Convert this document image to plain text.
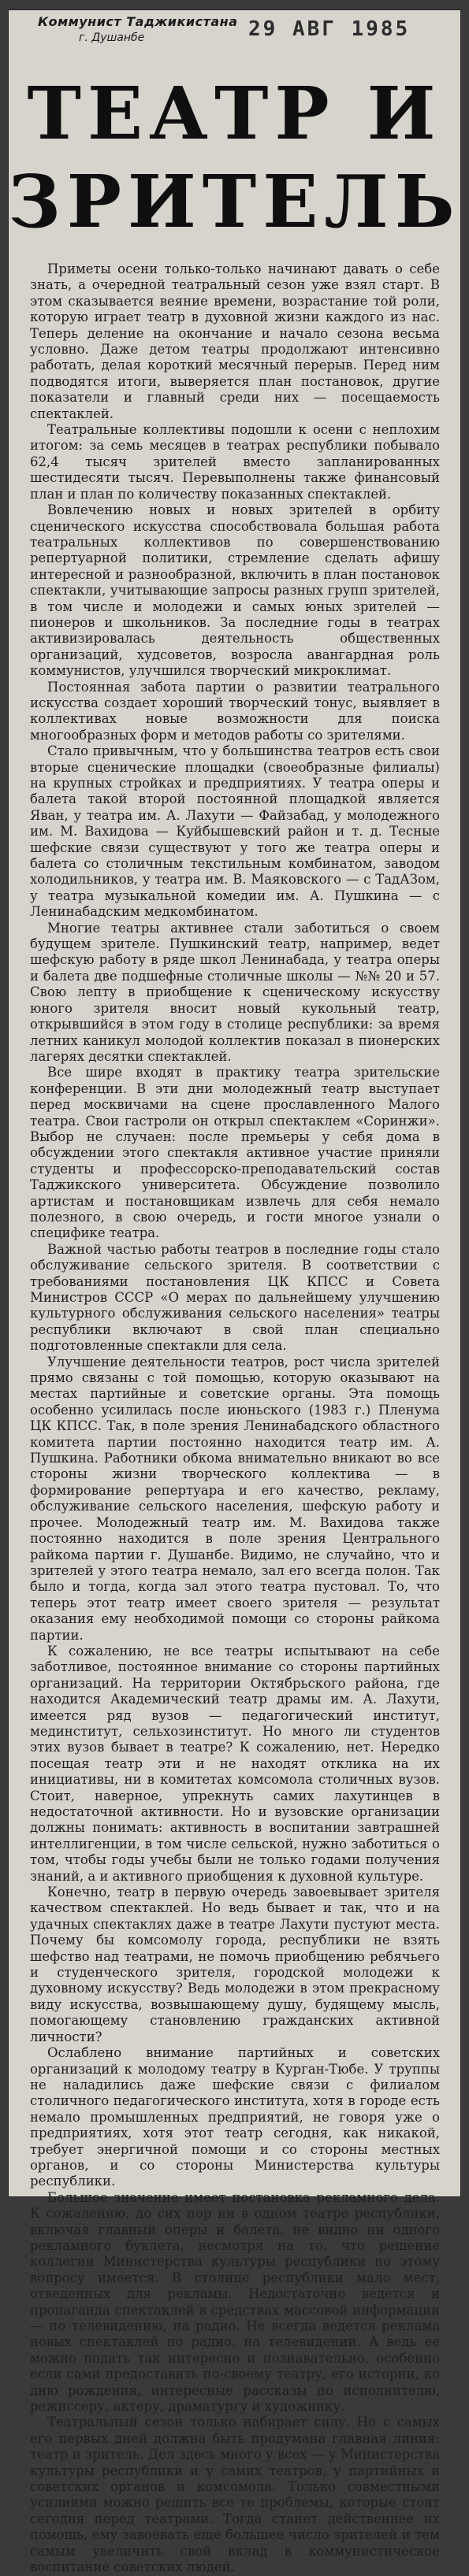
Коммунист Таджикистана
г. Душанбе	29 АВГ 1985
ТЕАТР И
ЗРИТЕЛЬ

Приметы осени только-только начинают давать о себе знать, а очередной театральный сезон уже взял старт. В этом сказывается веяние времени, возрастание той роли, которую играет театр в духовной жизни каждого из нас. Теперь деление на окончание и начало сезона весьма условно. Даже детом театры продолжают интенсивно работать, делая короткий месячный перерыв. Перед ним подводятся итоги, выверяется план постановок, другие показатели и главный среди них — посещаемость спектаклей.

Театральные коллективы подошли к осени с неплохим итогом: за семь месяцев в театрах республики побывало 62,4 тысяч зрителей вместо запланированных шестидесяти тысяч. Перевыполнены также финансовый план и план по количеству показанных спектаклей.

Вовлечению новых и новых зрителей в орбиту сценического искусства способствовала большая работа театральных коллективов по совершенствованию репертуарной политики, стремление сделать афишу интересной и разнообразной, включить в план постановок спектакли, учитывающие запросы разных групп зрителей, в том числе и молодежи и самых юных зрителей — пионеров и школьников. За последние годы в театрах активизировалась деятельность общественных организаций, худсоветов, возросла авангардная роль коммунистов, улучшился творческий микроклимат.

Постоянная забота партии о развитии театрального искусства создает хороший творческий тонус, выявляет в коллективах новые возможности для поиска многообразных форм и методов работы со зрителями.

Стало привычным, что у большинства театров есть свои вторые сценические площадки (своеобразные филиалы) на крупных стройках и предприятиях. У театра оперы и балета такой второй постоянной площадкой является Яван, у театра им. А. Лахути — Файзабад, у молодежного им. М. Вахидова — Куйбышевский район и т. д. Тесные шефские связи существуют у того же театра оперы и балета со столичным текстильным комбинатом, заводом холодильников, у театра им. В. Маяковского — с ТадАЗом, у театра музыкальной комедии им. А. Пушкина — с Ленинабадским медкомбинатом.

Многие театры активнее стали заботиться о своем будущем зрителе. Пушкинский театр, например, ведет шефскую работу в ряде школ Ленинабада, у театра оперы и балета две подшефные столичные школы — №№ 20 и 57. Свою лепту в приобщение к сценическому искусству юного зрителя вносит новый кукольный театр, открывшийся в этом году в столице республики: за время летних каникул молодой коллектив показал в пионерских лагерях десятки спектаклей.

Все шире входят в практику театра зрительские конференции. В эти дни молодежный театр выступает перед москвичами на сцене прославленного Малого театра. Свои гастроли он открыл спектаклем «Соринжи». Выбор не случаен: после премьеры у себя дома в обсуждении этого спектакля активное участие приняли студенты и профессорско-преподавательский состав Таджикского университета. Обсуждение позволило артистам и постановщикам извлечь для себя немало полезного, в свою очередь, и гости многое узнали о специфике театра.

Важной частью работы театров в последние годы стало обслуживание сельского зрителя. В соответствии с требованиями постановления ЦК КПСС и Совета Министров СССР «О мерах по дальнейшему улучшению культурного обслуживания сельского населения» театры республики включают в свой план специально подготовленные спектакли для села.

Улучшение деятельности театров, рост числа зрителей прямо связаны с той помощью, которую оказывают на местах партийные и советские органы. Эта помощь особенно усилилась после июньского (1983 г.) Пленума ЦК КПСС. Так, в поле зрения Ленинабадского областного комитета партии постоянно находится театр им. А. Пушкина. Работники обкома внимательно вникают во все стороны жизни творческого коллектива — в формирование репертуара и его качество, рекламу, обслуживание сельского населения, шефскую работу и прочее. Молодежный театр им. М. Вахидова также постоянно находится в поле зрения Центрального райкома партии г. Душанбе. Видимо, не случайно, что и зрителей у этого театра немало, зал его всегда полон. Так было и тогда, когда зал этого театра пустовал. То, что теперь этот театр имеет своего зрителя — результат оказания ему необходимой помощи со стороны райкома партии.

К сожалению, не все театры испытывают на себе заботливое, постоянное внимание со стороны партийных организаций. На территории Октябрьского района, где находится Академический театр драмы им. А. Лахути, имеется ряд вузов — педагогический институт, мединститут, сельхозинститут. Но много ли студентов этих вузов бывает в театре? К сожалению, нет. Нередко посещая театр эти и не находят отклика на их инициативы, ни в комитетах комсомола столичных вузов. Стоит, наверное, упрекнуть самих лахутинцев в недостаточной активности. Но и вузовские организации должны понимать: активность в воспитании завтрашней интеллигенции, в том числе сельской, нужно заботиться о том, чтобы годы учебы были не только годами получения знаний, а и активного приобщения к духовной культуре.

Конечно, театр в первую очередь завоевывает зрителя качеством спектаклей. Но ведь бывает и так, что и на удачных спектаклях даже в театре Лахути пустуют места. Почему бы комсомолу города, республики не взять шефство над театрами, не помочь приобщению ребячьего и студенческого зрителя, городской молодежи к духовному искусству? Ведь молодежи в этом прекрасному виду искусства, возвышающему душу, будящему мысль, помогающему становлению гражданских активной личности?

Ослаблено внимание партийных и советских организаций к молодому театру в Курган-Тюбе. У труппы не наладились даже шефские связи с филиалом столичного педагогического института, хотя в городе есть немало промышленных предприятий, не говоря уже о предприятиях, хотя этот театр сегодня, как никакой, требует энергичной помощи и со стороны местных органов, и со стороны Министерства культуры республики.

Большое значение имеет постановка рекламного дела. К сожалению, до сих пор ни в одном театре республики, включая главный оперы и балета, не видно ни одного рекламного буклета, несмотря на то, что решение коллегии Министерства культуры республики по этому вопросу имеется. В столице республики мало мест, отведенных для рекламы. Недостаточно ведется и пропаганда спектаклей в средствах массовой информации — по телевидению, на радио. Не всегда ведется реклама новых спектаклей по радио, на телевидении. А ведь ее можно подать так интересно и познавательно, особенно если сами предоставить по-своему театру, его истории, ко дню рождения, интересные рассказы по исполнителю, режиссеру, актеру, драматургу и художнику.

Театральный сезон только набирает силу. Но с самых его первых дней должна быть продумана главная линия: театр и зритель. Дел здесь много у всех — у Министерства культуры республики и у самих театров, у партийных и советских органов и комсомола. Только совместными усилиями можно решить все те проблемы, которые стоят сегодня перед театрами. Тогда станет действеннее их помощь, ему завоевать еще большее число зрителей и тем самым увеличить свой вклад в коммунистическое воспитание советских людей.
